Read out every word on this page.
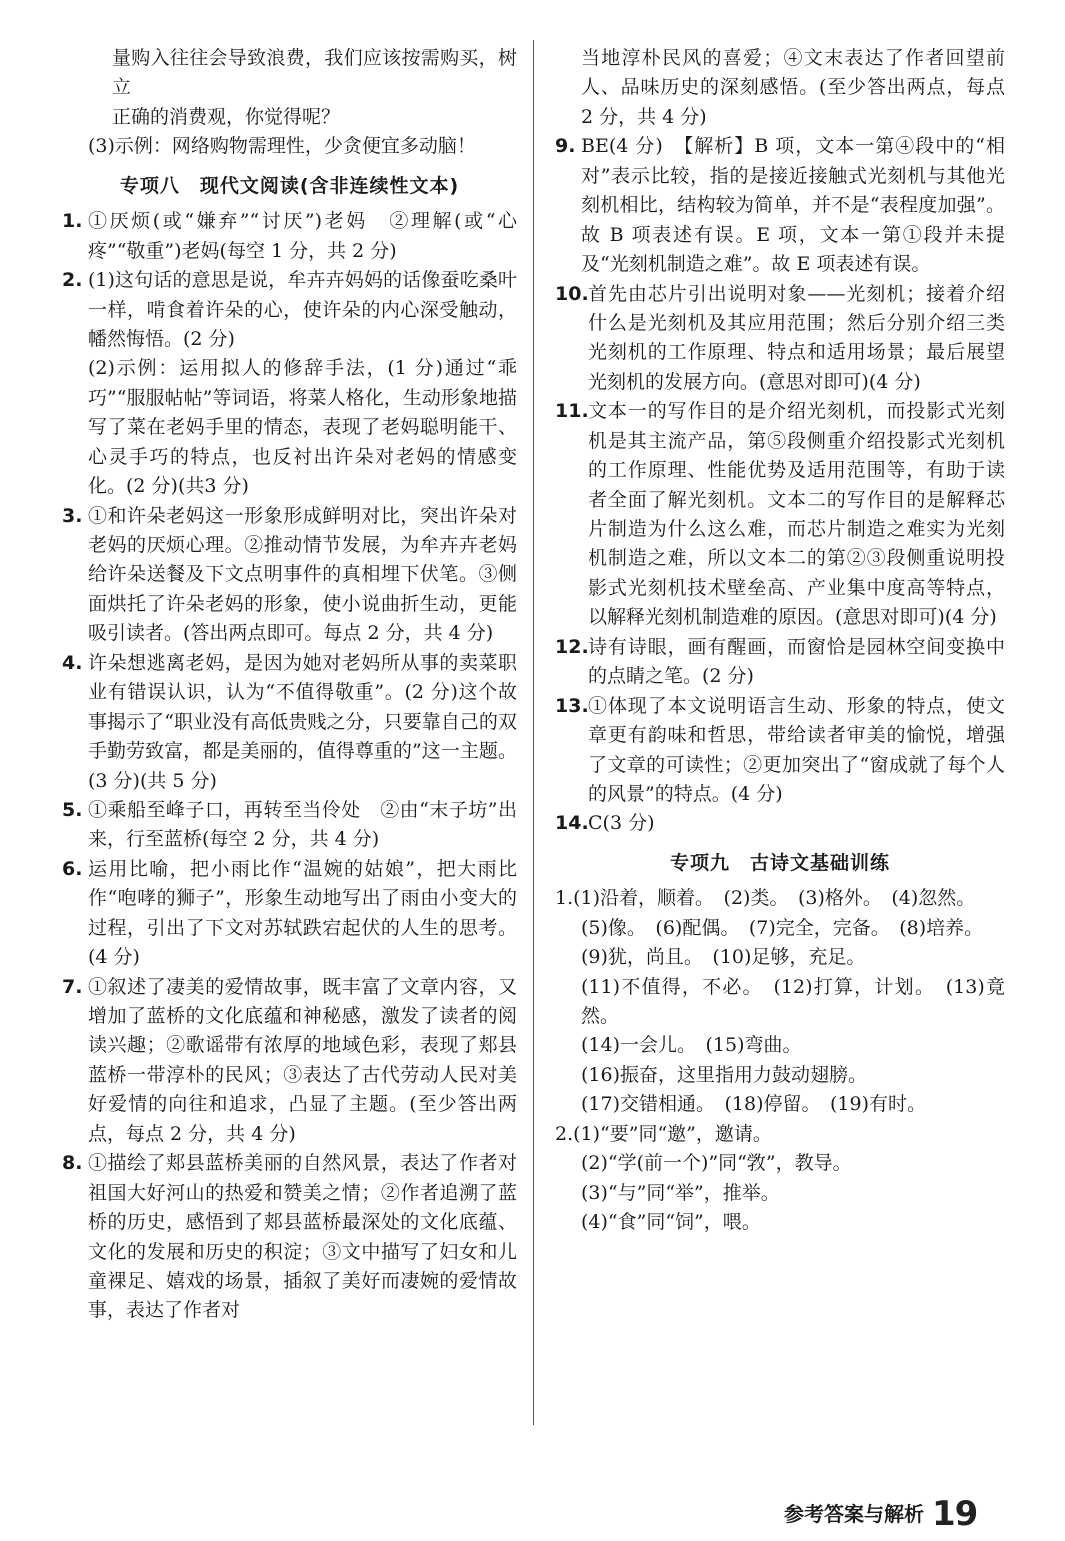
量购入往往会导致浪费，我们应该按需购买，树立

正确的消费观，你觉得呢？

(3)示例：网络购物需理性，少贪便宜多动脑！

专项八　现代文阅读(含非连续性文本)

1. ①厌烦(或“嫌弃”“讨厌”)老妈　②理解(或“心疼”“敬重”)老妈(每空 1 分，共 2 分)

2. (1)这句话的意思是说，牟卉卉妈妈的话像蚕吃桑叶一样，啃食着许朵的心，使许朵的内心深受触动，幡然悔悟。(2 分)

(2)示例：运用拟人的修辞手法，(1 分)通过“乖巧”“服服帖帖”等词语，将菜人格化，生动形象地描写了菜在老妈手里的情态，表现了老妈聪明能干、心灵手巧的特点，也反衬出许朵对老妈的情感变化。(2 分)(共3 分)

3. ①和许朵老妈这一形象形成鲜明对比，突出许朵对老妈的厌烦心理。②推动情节发展，为牟卉卉老妈给许朵送餐及下文点明事件的真相埋下伏笔。③侧面烘托了许朵老妈的形象，使小说曲折生动，更能吸引读者。(答出两点即可。每点 2 分，共 4 分)

4. 许朵想逃离老妈，是因为她对老妈所从事的卖菜职业有错误认识，认为“不值得敬重”。(2 分)这个故事揭示了“职业没有高低贵贱之分，只要靠自己的双手勤劳致富，都是美丽的，值得尊重的”这一主题。(3 分)(共 5 分)

5. ①乘船至峰子口，再转至当伶处　②由“末子坊”出来，行至蓝桥(每空 2 分，共 4 分)

6. 运用比喻，把小雨比作“温婉的姑娘”，把大雨比作“咆哮的狮子”，形象生动地写出了雨由小变大的过程，引出了下文对苏轼跌宕起伏的人生的思考。(4 分)

7. ①叙述了凄美的爱情故事，既丰富了文章内容，又增加了蓝桥的文化底蕴和神秘感，激发了读者的阅读兴趣；②歌谣带有浓厚的地域色彩，表现了郏县蓝桥一带淳朴的民风；③表达了古代劳动人民对美好爱情的向往和追求，凸显了主题。(至少答出两点，每点 2 分，共 4 分)

8. ①描绘了郏县蓝桥美丽的自然风景，表达了作者对祖国大好河山的热爱和赞美之情；②作者追溯了蓝桥的历史，感悟到了郏县蓝桥最深处的文化底蕴、文化的发展和历史的积淀；③文中描写了妇女和儿童裸足、嬉戏的场景，插叙了美好而凄婉的爱情故事，表达了作者对

当地淳朴民风的喜爱；④文末表达了作者回望前人、品味历史的深刻感悟。(至少答出两点，每点 2 分，共 4 分)

9. BE(4 分)　【解析】B 项，文本一第④段中的“相对”表示比较，指的是接近接触式光刻机与其他光刻机相比，结构较为简单，并不是“表程度加强”。故 B 项表述有误。E 项，文本一第①段并未提及“光刻机制造之难”。故 E 项表述有误。

10. 首先由芯片引出说明对象——光刻机；接着介绍什么是光刻机及其应用范围；然后分别介绍三类光刻机的工作原理、特点和适用场景；最后展望光刻机的发展方向。(意思对即可)(4 分)

11. 文本一的写作目的是介绍光刻机，而投影式光刻机是其主流产品，第⑤段侧重介绍投影式光刻机的工作原理、性能优势及适用范围等，有助于读者全面了解光刻机。文本二的写作目的是解释芯片制造为什么这么难，而芯片制造之难实为光刻机制造之难，所以文本二的第②③段侧重说明投影式光刻机技术壁垒高、产业集中度高等特点，以解释光刻机制造难的原因。(意思对即可)(4 分)

12. 诗有诗眼，画有醒画，而窗恰是园林空间变换中的点睛之笔。(2 分)

13. ①体现了本文说明语言生动、形象的特点，使文章更有韵味和哲思，带给读者审美的愉悦，增强了文章的可读性；②更加突出了“窗成就了每个人的风景”的特点。(4 分)

14. C(3 分)

专项九　古诗文基础训练

1.(1)沿着，顺着。　(2)类。　(3)格外。　(4)忽然。

(5)像。　(6)配偶。　(7)完全，完备。　(8)培养。

(9)犹，尚且。　(10)足够，充足。

(11)不值得，不必。　(12)打算，计划。　(13)竟然。

(14)一会儿。　(15)弯曲。

(16)振奋，这里指用力鼓动翅膀。

(17)交错相通。　(18)停留。　(19)有时。

2.(1)“要”同“邀”，邀请。

(2)“学(前一个)”同“敩”，教导。

(3)“与”同“举”，推举。

(4)“食”同“饲”，喂。

参考答案与解析 19
